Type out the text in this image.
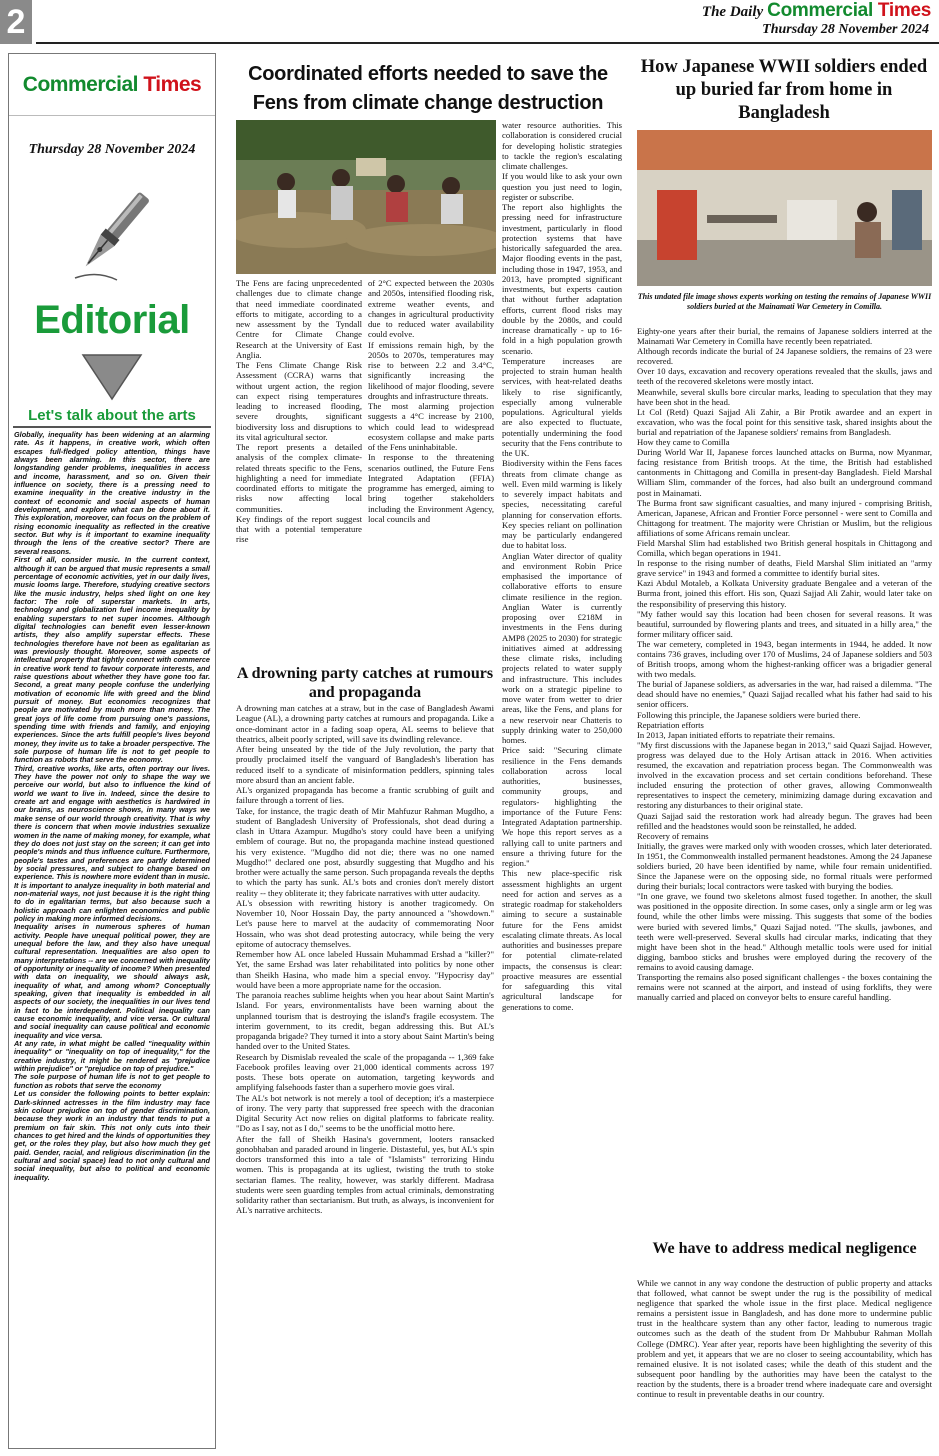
2	The Daily Commercial Times
Thursday 28 November 2024
Commercial Times
Thursday 28 November 2024
Editorial
Let's talk about the arts

Globally, inequality has been widening at an alarming rate. As it happens, in creative work, which often escapes full-fledged policy attention, things have always been alarming. In this sector, there are longstanding gender problems, inequalities in access and income, harassment, and so on. Given their influence on society, there is a pressing need to examine inequality in the creative industry in the context of economic and social aspects of human development, and explore what can be done about it. This exploration, moreover, can focus on the problem of rising economic inequality as reflected in the creative sector. But why is it important to examine inequality through the lens of the creative sector? There are several reasons.

First of all, consider music. In the current context, although it can be argued that music represents a small percentage of economic activities, yet in our daily lives, music looms large. Therefore, studying creative sectors like the music industry, helps shed light on one key factor: The role of superstar markets. In arts, technology and globalization fuel income inequality by enabling superstars to net super incomes. Although digital technologies can benefit even lesser-known artists, they also amplify superstar effects. These technologies therefore have not been as egalitarian as was previously thought. Moreover, some aspects of intellectual property that tightly connect with commerce in creative work tend to favour corporate interests, and raise questions about whether they have gone too far. Second, a great many people confuse the underlying motivation of economic life with greed and the blind pursuit of money. But economics recognizes that people are motivated by much more than money. The great joys of life come from pursuing one's passions, spending time with friends and family, and enjoying experiences. Since the arts fulfill people's lives beyond money, they invite us to take a broader perspective. The sole purpose of human life is not to get people to function as robots that serve the economy.

Third, creative works, like arts, often portray our lives. They have the power not only to shape the way we perceive our world, but also to influence the kind of world we want to live in. Indeed, since the desire to create art and engage with aesthetics is hardwired in our brains, as neuroscience shows, in many ways we make sense of our world through creativity. That is why there is concern that when movie industries sexualize women in the name of making money, for example, what they do does not just stay on the screen; it can get into people's minds and thus influence culture. Furthermore, people's tastes and preferences are partly determined by social pressures, and subject to change based on experience. This is nowhere more evident than in music. It is important to analyze inequality in both material and non-material ways, not just because it is the right thing to do in egalitarian terms, but also because such a holistic approach can enlighten economics and public policy in making more informed decisions.

Inequality arises in numerous spheres of human activity. People have unequal political power, they are unequal before the law, and they also have unequal cultural representation. Inequalities are also open to many interpretations -- are we concerned with inequality of opportunity or inequality of income? When presented with data on inequality, we should always ask, inequality of what, and among whom? Conceptually speaking, given that inequality is embedded in all aspects of our society, the inequalities in our lives tend in fact to be interdependent. Political inequality can cause economic inequality, and vice versa. Or cultural and social inequality can cause political and economic inequality and vice versa.

At any rate, in what might be called "inequality within inequality" or "inequality on top of inequality," for the creative industry, it might be rendered as "prejudice within prejudice" or "prejudice on top of prejudice."

The sole purpose of human life is not to get people to function as robots that serve the economy

Let us consider the following points to better explain: Dark-skinned actresses in the film industry may face skin colour prejudice on top of gender discrimination, because they work in an industry that tends to put a premium on fair skin. This not only cuts into their chances to get hired and the kinds of opportunities they get, or the roles they play, but also how much they get paid. Gender, racial, and religious discrimination (in the cultural and social space) lead to not only cultural and social inequality, but also to political and economic inequality.

Coordinated efforts needed to save the Fens from climate change destruction

The Fens are facing unprecedented challenges due to climate change that need immediate coordinated efforts to mitigate, according to a new assessment by the Tyndall Centre for Climate Change Research at the University of East Anglia.

The Fens Climate Change Risk Assessment (CCRA) warns that without urgent action, the region can expect rising temperatures leading to increased flooding, severe droughts, significant biodiversity loss and disruptions to its vital agricultural sector.

The report presents a detailed analysis of the complex climate-related threats specific to the Fens, highlighting a need for immediate coordinated efforts to mitigate the risks now affecting local communities.

Key findings of the report suggest that with a potential temperature rise

of 2°C expected between the 2030s and 2050s, intensified flooding risk, extreme weather events, and changes in agricultural productivity due to reduced water availability could evolve.

If emissions remain high, by the 2050s to 2070s, temperatures may rise to between 2.2 and 3.4°C, significantly increasing the likelihood of major flooding, severe droughts and infrastructure threats.

The most alarming projection suggests a 4°C increase by 2100, which could lead to widespread ecosystem collapse and make parts of the Fens uninhabitable.

In response to the threatening scenarios outlined, the Future Fens Integrated Adaptation (FFIA) programme has emerged, aiming to bring together stakeholders including the Environment Agency, local councils and

water resource authorities. This collaboration is considered crucial for developing holistic strategies to tackle the region's escalating climate challenges.

If you would like to ask your own question you just need to login, register or subscribe.

The report also highlights the pressing need for infrastructure investment, particularly in flood protection systems that have historically safeguarded the area. Major flooding events in the past, including those in 1947, 1953, and 2013, have prompted significant investments, but experts caution that without further adaptation efforts, current flood risks may double by the 2080s, and could increase dramatically - up to 16-fold in a high population growth scenario.

Temperature increases are projected to strain human health services, with heat-related deaths likely to rise significantly, especially among vulnerable populations. Agricultural yields are also expected to fluctuate, potentially undermining the food security that the Fens contribute to the UK.

Biodiversity within the Fens faces threats from climate change as well. Even mild warming is likely to severely impact habitats and species, necessitating careful planning for conservation efforts. Key species reliant on pollination may be particularly endangered due to habitat loss.

Anglian Water director of quality and environment Robin Price emphasised the importance of collaborative efforts to ensure climate resilience in the region. Anglian Water is currently proposing over £218M in investments in the Fens during AMP8 (2025 to 2030) for strategic initiatives aimed at addressing these climate risks, including projects related to water supply and infrastructure. This includes work on a strategic pipeline to move water from wetter to drier areas, like the Fens, and plans for a new reservoir near Chatteris to supply drinking water to 250,000 homes.

Price said: "Securing climate resilience in the Fens demands collaboration across local authorities, businesses, community groups, and regulators- highlighting the importance of the Future Fens: Integrated Adaptation partnership. We hope this report serves as a rallying call to unite partners and ensure a thriving future for the region."

This new place-specific risk assessment highlights an urgent need for action and serves as a strategic roadmap for stakeholders aiming to secure a sustainable future for the Fens amidst escalating climate threats. As local authorities and businesses prepare for potential climate-related impacts, the consensus is clear: proactive measures are essential for safeguarding this vital agricultural landscape for generations to come.

A drowning party catches at rumours and propaganda

A drowning man catches at a straw, but in the case of Bangladesh Awami League (AL), a drowning party catches at rumours and propaganda. Like a once-dominant actor in a fading soap opera, AL seems to believe that theatrics, albeit poorly scripted, will save its dwindling relevance.

After being unseated by the tide of the July revolution, the party that proudly proclaimed itself the vanguard of Bangladesh's liberation has reduced itself to a syndicate of misinformation peddlers, spinning tales more absurd than an ancient fable.

AL's organized propaganda has become a frantic scrubbing of guilt and failure through a torrent of lies.

Take, for instance, the tragic death of Mir Mahfuzur Rahman Mugdho, a student of Bangladesh University of Professionals, shot dead during a clash in Uttara Azampur. Mugdho's story could have been a unifying emblem of courage. But no, the propaganda machine instead questioned his very existence. "Mugdho did not die; there was no one named Mugdho!" declared one post, absurdly suggesting that Mugdho and his brother were actually the same person. Such propaganda reveals the depths to which the party has sunk. AL's bots and cronies don't merely distort reality -- they obliterate it; they fabricate narratives with utter audacity.

AL's obsession with rewriting history is another tragicomedy. On November 10, Noor Hossain Day, the party announced a "showdown." Let's pause here to marvel at the audacity of commemorating Noor Hossain, who was shot dead protesting autocracy, while being the very epitome of autocracy themselves.

Remember how AL once labeled Hussain Muhammad Ershad a "killer?" Yet, the same Ershad was later rehabilitated into politics by none other than Sheikh Hasina, who made him a special envoy. "Hypocrisy day" would have been a more appropriate name for the occasion.

The paranoia reaches sublime heights when you hear about Saint Martin's Island. For years, environmentalists have been warning about the unplanned tourism that is destroying the island's fragile ecosystem. The interim government, to its credit, began addressing this. But AL's propaganda brigade? They turned it into a story about Saint Martin's being handed over to the United States.

Research by Dismislab revealed the scale of the propaganda -- 1,369 fake Facebook profiles leaving over 21,000 identical comments across 197 posts. These bots operate on automation, targeting keywords and amplifying falsehoods faster than a superhero movie goes viral.

The AL's bot network is not merely a tool of deception; it's a masterpiece of irony. The very party that suppressed free speech with the draconian Digital Security Act now relies on digital platforms to fabricate reality. "Do as I say, not as I do," seems to be the unofficial motto here.

After the fall of Sheikh Hasina's government, looters ransacked gonobhaban and paraded around in lingerie. Distasteful, yes, but AL's spin doctors transformed this into a tale of "Islamists" terrorizing Hindu women. This is propaganda at its ugliest, twisting the truth to stoke sectarian flames. The reality, however, was starkly different. Madrasa students were seen guarding temples from actual criminals, demonstrating solidarity rather than sectarianism. But truth, as always, is inconvenient for AL's narrative architects.

How Japanese WWII soldiers ended up buried far from home in Bangladesh
This undated file image shows experts working on testing the remains of Japanese WWII soldiers buried at the Mainamati War Cemetery in Comilla.

Eighty-one years after their burial, the remains of Japanese soldiers interred at the Mainamati War Cemetery in Comilla have recently been repatriated.

Although records indicate the burial of 24 Japanese soldiers, the remains of 23 were recovered.

Over 10 days, excavation and recovery operations revealed that the skulls, jaws and teeth of the recovered skeletons were mostly intact.

Meanwhile, several skulls bore circular marks, leading to speculation that they may have been shot in the head.

Lt Col (Retd) Quazi Sajjad Ali Zahir, a Bir Protik awardee and an expert in excavation, who was the focal point for this sensitive task, shared insights about the burial and repatriation of the Japanese soldiers' remains from Bangladesh.

How they came to Comilla

During World War II, Japanese forces launched attacks on Burma, now Myanmar, facing resistance from British troops. At the time, the British had established cantonments in Chittagong and Comilla in present-day Bangladesh. Field Marshal William Slim, commander of the forces, had also built an underground command post in Mainamati.

The Burma front saw significant casualties, and many injured - comprising British, American, Japanese, African and Frontier Force personnel - were sent to Comilla and Chittagong for treatment. The majority were Christian or Muslim, but the religious affiliations of some Africans remain unclear.

Field Marshal Slim had established two British general hospitals in Chittagong and Comilla, which began operations in 1941.

In response to the rising number of deaths, Field Marshal Slim initiated an "army grave service" in 1943 and formed a committee to identify burial sites.

Kazi Abdul Motaleb, a Kolkata University graduate Bengalee and a veteran of the Burma front, joined this effort. His son, Quazi Sajjad Ali Zahir, would later take on the responsibility of preserving this history.

"My father would say this location had been chosen for several reasons. It was beautiful, surrounded by flowering plants and trees, and situated in a hilly area," the former military officer said.

The war cemetery, completed in 1943, began interments in 1944, he added. It now contains 736 graves, including over 170 of Muslims, 24 of Japanese soldiers and 503 of British troops, among whom the highest-ranking officer was a brigadier general with two medals.

The burial of Japanese soldiers, as adversaries in the war, had raised a dilemma. "The dead should have no enemies," Quazi Sajjad recalled what his father had said to his senior officers.

Following this principle, the Japanese soldiers were buried there.

Repatriation efforts

In 2013, Japan initiated efforts to repatriate their remains.

"My first discussions with the Japanese began in 2013," said Quazi Sajjad. However, progress was delayed due to the Holy Artisan attack in 2016. When activities resumed, the excavation and repatriation process began. The Commonwealth was involved in the excavation process and set certain conditions beforehand. These included ensuring the protection of other graves, allowing Commonwealth representatives to inspect the cemetery, minimizing damage during excavation and restoring any disturbances to their original state.

Quazi Sajjad said the restoration work had already begun. The graves had been refilled and the headstones would soon be reinstalled, he added.

Recovery of remains

Initially, the graves were marked only with wooden crosses, which later deteriorated. In 1951, the Commonwealth installed permanent headstones. Among the 24 Japanese soldiers buried, 20 have been identified by name, while four remain unidentified. Since the Japanese were on the opposing side, no formal rituals were performed during their burials; local contractors were tasked with burying the bodies.

"In one grave, we found two skeletons almost fused together. In another, the skull was positioned in the opposite direction. In some cases, only a single arm or leg was found, while the other limbs were missing. This suggests that some of the bodies were buried with severed limbs," Quazi Sajjad noted. "The skulls, jawbones, and teeth were well-preserved. Several skulls had circular marks, indicating that they might have been shot in the head." Although metallic tools were used for initial digging, bamboo sticks and brushes were employed during the recovery of the remains to avoid causing damage.

Transporting the remains also posed significant challenges - the boxes containing the remains were not scanned at the airport, and instead of using forklifts, they were manually carried and placed on conveyor belts to ensure careful handling.

We have to address medical negligence

While we cannot in any way condone the destruction of public property and attacks that followed, what cannot be swept under the rug is the possibility of medical negligence that sparked the whole issue in the first place. Medical negligence remains a persistent issue in Bangladesh, and has done more to undermine public trust in the healthcare system than any other factor, leading to numerous tragic outcomes such as the death of the student from Dr Mahbubur Rahman Mollah College (DMRC). Year after year, reports have been highlighting the severity of this problem and yet, it appears that we are no closer to seeing accountability, which has remained elusive. It is not isolated cases; while the death of this student and the subsequent poor handling by the authorities may have been the catalyst to the reaction by the students, there is a broader trend where inadequate care and oversight continue to result in preventable deaths in our country.
